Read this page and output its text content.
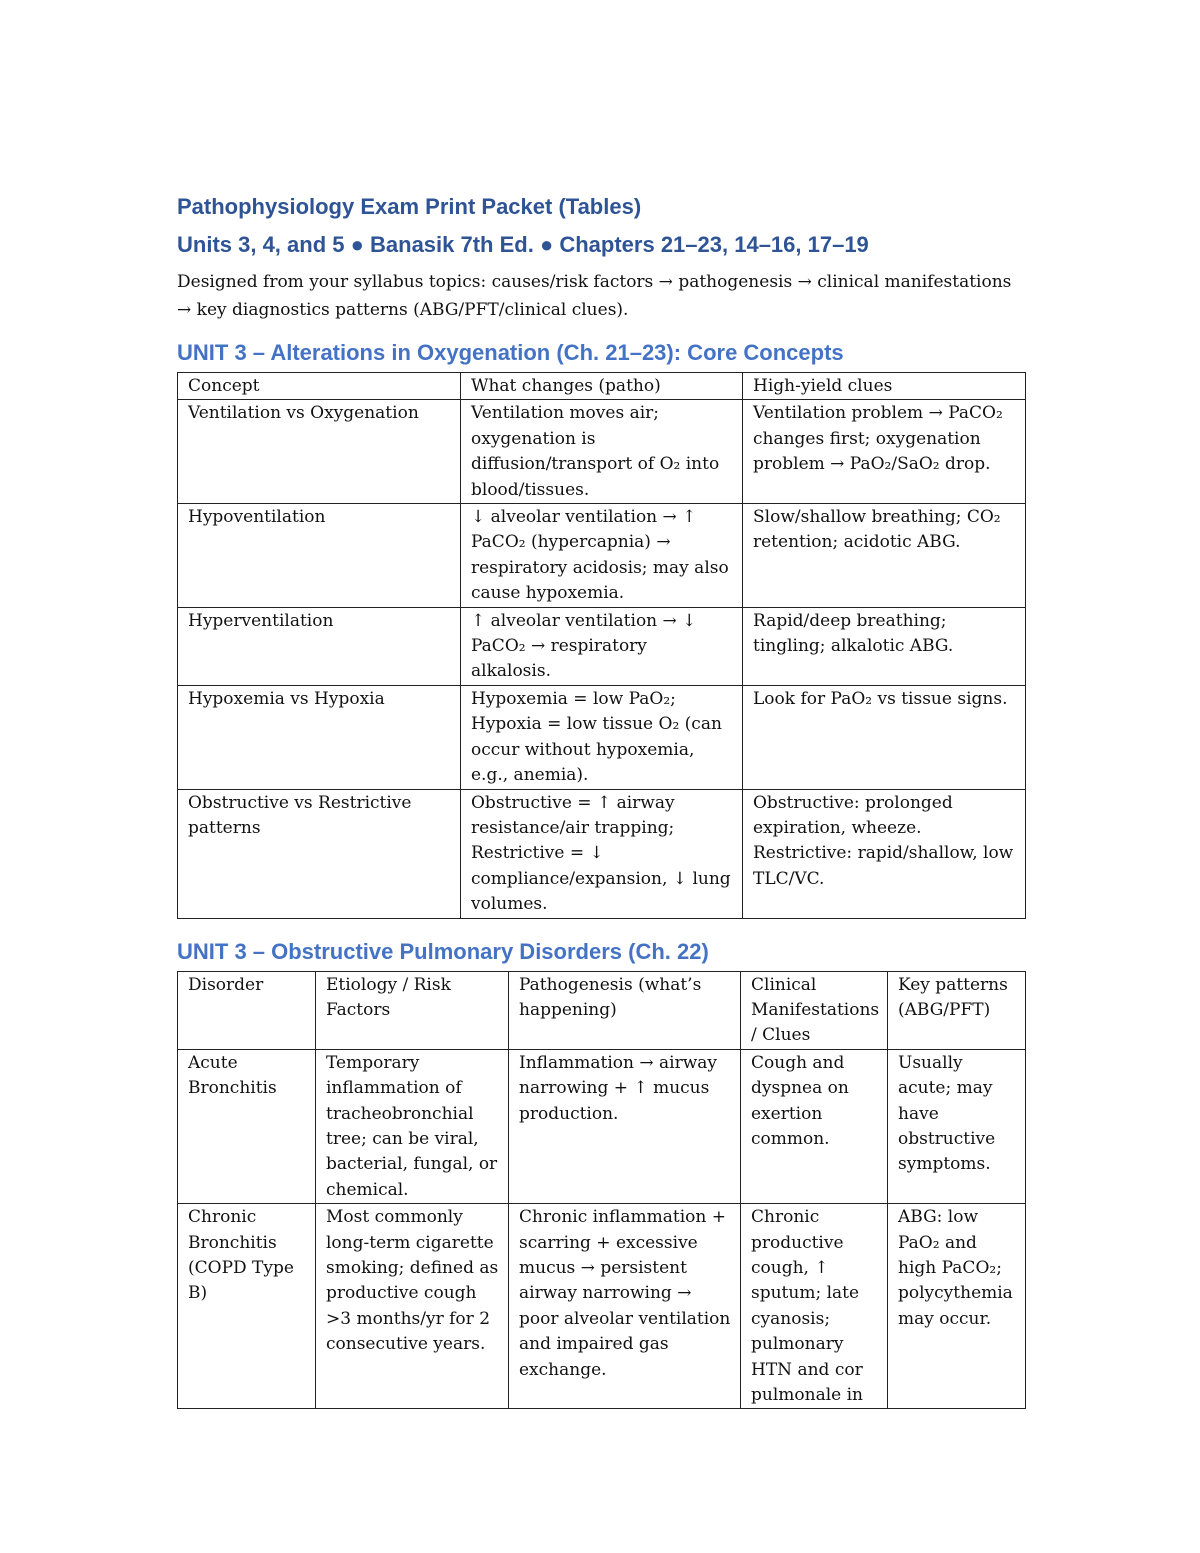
Pathophysiology Exam Print Packet (Tables)
Units 3, 4, and 5 ● Banasik 7th Ed. ● Chapters 21–23, 14–16, 17–19

Designed from your syllabus topics: causes/risk factors → pathogenesis → clinical manifestations → key diagnostics patterns (ABG/PFT/clinical clues).

UNIT 3 – Alterations in Oxygenation (Ch. 21–23): Core Concepts
Concept	What changes (patho)	High-yield clues
Ventilation vs Oxygenation	Ventilation moves air; oxygenation is diffusion/transport of O₂ into blood/tissues.	Ventilation problem → PaCO₂ changes first; oxygenation problem → PaO₂/SaO₂ drop.
Hypoventilation	↓ alveolar ventilation → ↑ PaCO₂ (hypercapnia) → respiratory acidosis; may also cause hypoxemia.	Slow/shallow breathing; CO₂ retention; acidotic ABG.
Hyperventilation	↑ alveolar ventilation → ↓ PaCO₂ → respiratory alkalosis.	Rapid/deep breathing; tingling; alkalotic ABG.
Hypoxemia vs Hypoxia	Hypoxemia = low PaO₂; Hypoxia = low tissue O₂ (can occur without hypoxemia, e.g., anemia).	Look for PaO₂ vs tissue signs.
Obstructive vs Restrictive patterns	Obstructive = ↑ airway resistance/air trapping; Restrictive = ↓ compliance/expansion, ↓ lung volumes.	Obstructive: prolonged expiration, wheeze. Restrictive: rapid/shallow, low TLC/VC.
UNIT 3 – Obstructive Pulmonary Disorders (Ch. 22)
Disorder	Etiology / Risk Factors	Pathogenesis (what’s happening)	Clinical Manifestations / Clues	Key patterns (ABG/PFT)
Acute Bronchitis	Temporary inflammation of tracheobronchial tree; can be viral, bacterial, fungal, or chemical.	Inflammation → airway narrowing + ↑ mucus production.	Cough and dyspnea on exertion common.	Usually acute; may have obstructive symptoms.
Chronic Bronchitis (COPD Type B)	Most commonly long-term cigarette smoking; defined as productive cough >3 months/yr for 2 consecutive years.	Chronic inflammation + scarring + excessive mucus → persistent airway narrowing → poor alveolar ventilation and impaired gas exchange.	Chronic productive cough, ↑ sputum; late cyanosis; pulmonary HTN and cor pulmonale in	ABG: low PaO₂ and high PaCO₂; polycythemia may occur.
